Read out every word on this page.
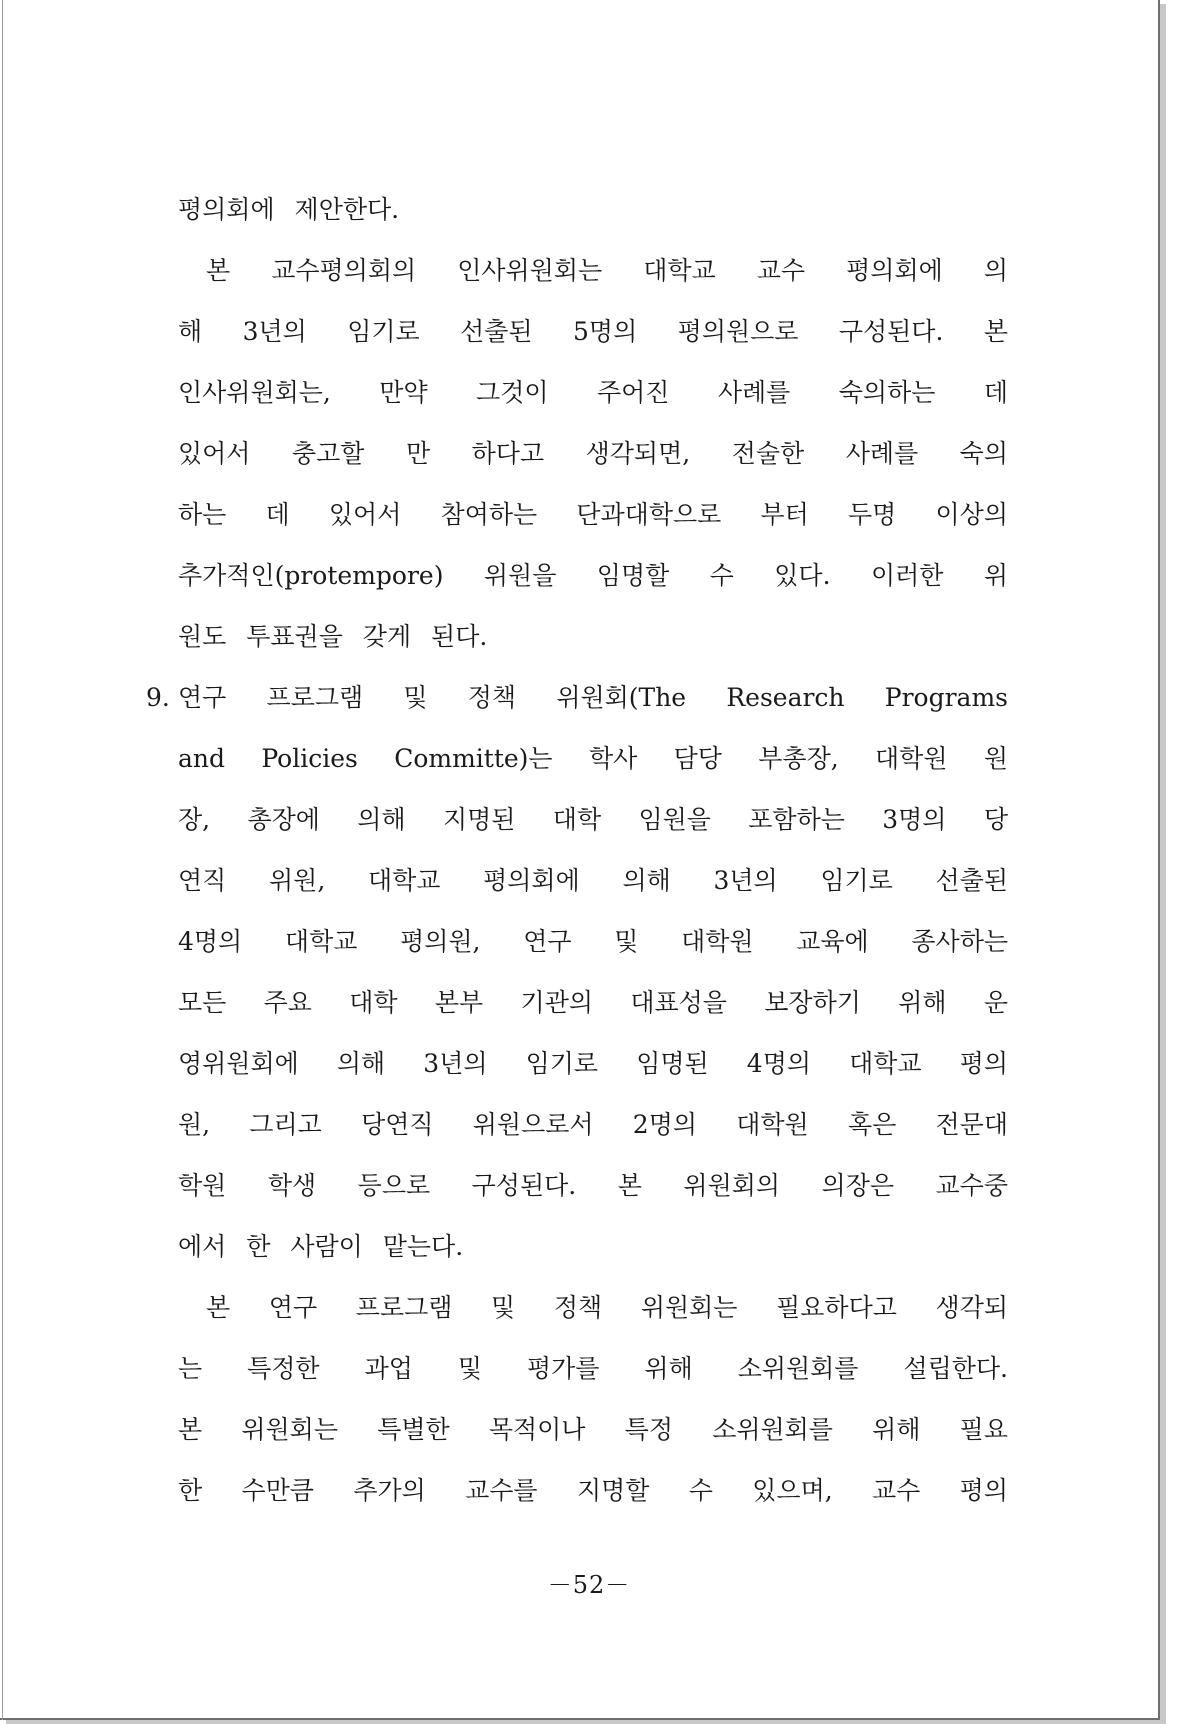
평의회에 제안한다.
본 교수평의회의 인사위원회는 대학교 교수 평의회에 의
해 3년의 임기로 선출된 5명의 평의원으로 구성된다. 본
인사위원회는, 만약 그것이 주어진 사례를 숙의하는 데
있어서 충고할 만 하다고 생각되면, 전술한 사례를 숙의
하는 데 있어서 참여하는 단과대학으로 부터 두명 이상의
추가적인(protempore) 위원을 임명할 수 있다. 이러한 위
원도 투표권을 갖게 된다.
9. 연구 프로그램 및 정책 위원회(The Research Programs
and Policies Committe)는 학사 담당 부총장, 대학원 원
장, 총장에 의해 지명된 대학 임원을 포함하는 3명의 당
연직 위원, 대학교 평의회에 의해 3년의 임기로 선출된
4명의 대학교 평의원, 연구 및 대학원 교육에 종사하는
모든 주요 대학 본부 기관의 대표성을 보장하기 위해 운
영위원회에 의해 3년의 임기로 임명된 4명의 대학교 평의
원, 그리고 당연직 위원으로서 2명의 대학원 혹은 전문대
학원 학생 등으로 구성된다. 본 위원회의 의장은 교수중
에서 한 사람이 맡는다.
본 연구 프로그램 및 정책 위원회는 필요하다고 생각되
는 특정한 과업 및 평가를 위해 소위원회를 설립한다.
본 위원회는 특별한 목적이나 특정 소위원회를 위해 필요
한 수만큼 추가의 교수를 지명할 수 있으며, 교수 평의
－52－
